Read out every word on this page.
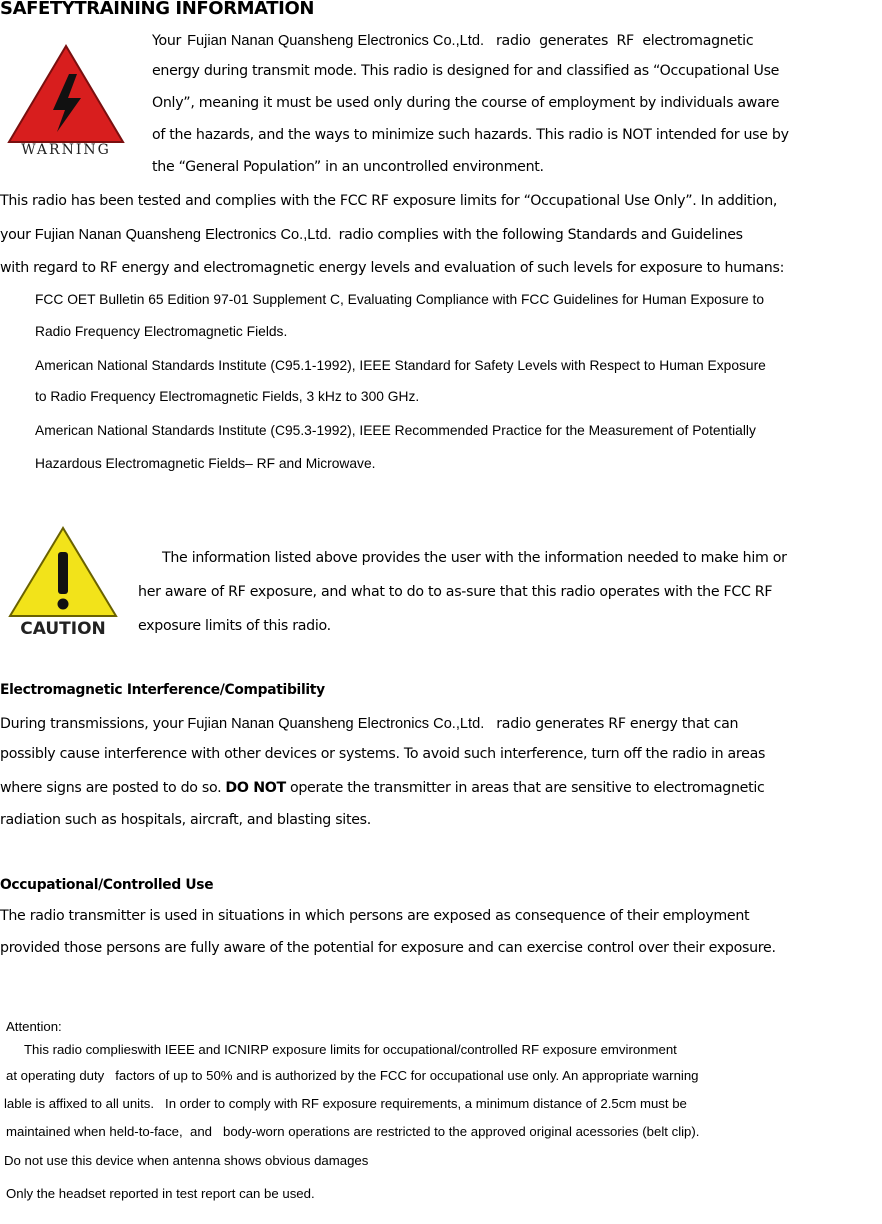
SAFETYTRAINING INFORMATION
WARNING
Your Fujian Nanan Quansheng Electronics Co.,Ltd. radio  generates  RF  electromagnetic
energy during transmit mode. This radio is designed for and classified as “Occupational Use
Only”, meaning it must be used only during the course of employment by individuals aware
of the hazards, and the ways to minimize such hazards. This radio is NOT intended for use by
the “General Population” in an uncontrolled environment.
This radio has been tested and complies with the FCC RF exposure limits for “Occupational Use Only”. In addition,
your Fujian Nanan Quansheng Electronics Co.,Ltd. radio complies with the following Standards and Guidelines
with regard to RF energy and electromagnetic energy levels and evaluation of such levels for exposure to humans:
FCC OET Bulletin 65 Edition 97-01 Supplement C, Evaluating Compliance with FCC Guidelines for Human Exposure to
Radio Frequency Electromagnetic Fields.
American National Standards Institute (C95.1-1992), IEEE Standard for Safety Levels with Respect to Human Exposure
to Radio Frequency Electromagnetic Fields, 3 kHz to 300 GHz.
American National Standards Institute (C95.3-1992), IEEE Recommended Practice for the Measurement of Potentially
Hazardous Electromagnetic Fields– RF and Microwave.
CAUTION
The information listed above provides the user with the information needed to make him or
her aware of RF exposure, and what to do to as-sure that this radio operates with the FCC RF
exposure limits of this radio.
Electromagnetic Interference/Compatibility
During transmissions, your Fujian Nanan Quansheng Electronics Co.,Ltd. radio generates RF energy that can
possibly cause interference with other devices or systems. To avoid such interference, turn off the radio in areas
where signs are posted to do so. DO NOT operate the transmitter in areas that are sensitive to electromagnetic
radiation such as hospitals, aircraft, and blasting sites.
Occupational/Controlled Use
The radio transmitter is used in situations in which persons are exposed as consequence of their employment
provided those persons are fully aware of the potential for exposure and can exercise control over their exposure.
Attention:
This radio complieswith IEEE and ICNIRP exposure limits for occupational/controlled RF exposure emvironment
at operating duty   factors of up to 50% and is authorized by the FCC for occupational use only. An appropriate warning
lable is affixed to all units.   In order to comply with RF exposure requirements, a minimum distance of 2.5cm must be
maintained when held-to-face,  and   body-worn operations are restricted to the approved original acessories (belt clip).
Do not use this device when antenna shows obvious damages
Only the headset reported in test report can be used.
